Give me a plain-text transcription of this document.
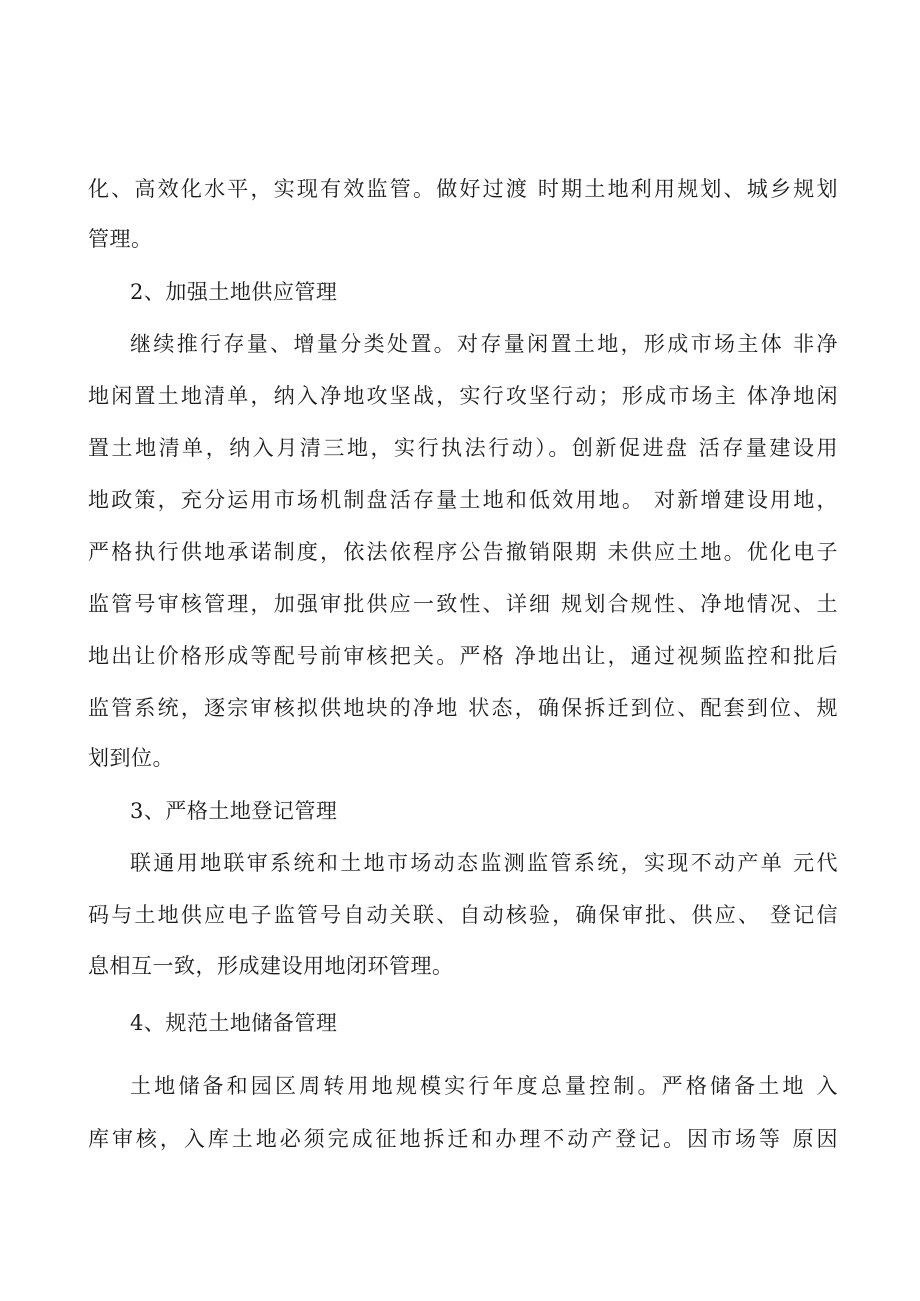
化、高效化水平，实现有效监管。做好过渡 时期土地利用规划、城乡规划
管理。
2、加强土地供应管理
继续推行存量、增量分类处置。对存量闲置土地，形成市场主体 非净
地闲置土地清单，纳入净地攻坚战，实行攻坚行动；形成市场主 体净地闲
置土地清单，纳入月清三地，实行执法行动）。创新促进盘 活存量建设用
地政策，充分运用市场机制盘活存量土地和低效用地。 对新增建设用地，
严格执行供地承诺制度，依法依程序公告撤销限期 未供应土地。优化电子
监管号审核管理，加强审批供应一致性、详细 规划合规性、净地情况、土
地出让价格形成等配号前审核把关。严格 净地出让，通过视频监控和批后
监管系统，逐宗审核拟供地块的净地 状态，确保拆迁到位、配套到位、规
划到位。
3、严格土地登记管理
联通用地联审系统和土地市场动态监测监管系统，实现不动产单 元代
码与土地供应电子监管号自动关联、自动核验，确保审批、供应、 登记信
息相互一致，形成建设用地闭环管理。
4、规范土地储备管理
土地储备和园区周转用地规模实行年度总量控制。严格储备土地 入
库审核，入库土地必须完成征地拆迁和办理不动产登记。因市场等 原因
